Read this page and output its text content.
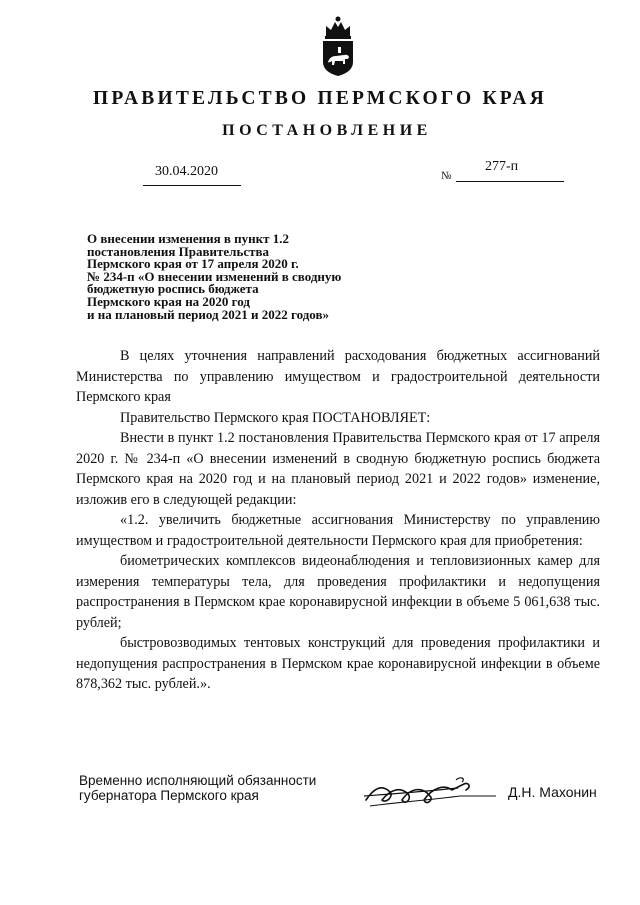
ПРАВИТЕЛЬСТВО ПЕРМСКОГО КРАЯ
ПОСТАНОВЛЕНИЕ
30.04.2020	№
277-п
О внесении изменения в пункт 1.2
постановления Правительства
Пермского края от 17 апреля 2020 г.
№ 234-п «О внесении изменений в сводную
бюджетную роспись бюджета
Пермского края на 2020 год
и на плановый период 2021 и 2022 годов»

В целях уточнения направлений расходования бюджетных ассигнований Министерства по управлению имуществом и градостроительной деятельности Пермского края

Правительство Пермского края ПОСТАНОВЛЯЕТ:

Внести в пункт 1.2 постановления Правительства Пермского края от 17 апреля 2020 г. № 234-п «О внесении изменений в сводную бюджетную роспись бюджета Пермского края на 2020 год и на плановый период 2021 и 2022 годов» изменение, изложив его в следующей редакции:

«1.2. увеличить бюджетные ассигнования Министерству по управлению имуществом и градостроительной деятельности Пермского края для приобретения:

биометрических комплексов видеонаблюдения и тепловизионных камер для измерения температуры тела, для проведения профилактики и недопущения распространения в Пермском крае коронавирусной инфекции в объеме 5 061,638 тыс. рублей;

быстровозводимых тентовых конструкций для проведения профилактики и недопущения распространения в Пермском крае коронавирусной инфекции в объеме 878,362 тыс. рублей.».

Временно исполняющий обязанности
губернатора Пермского края	Д.Н. Махонин
